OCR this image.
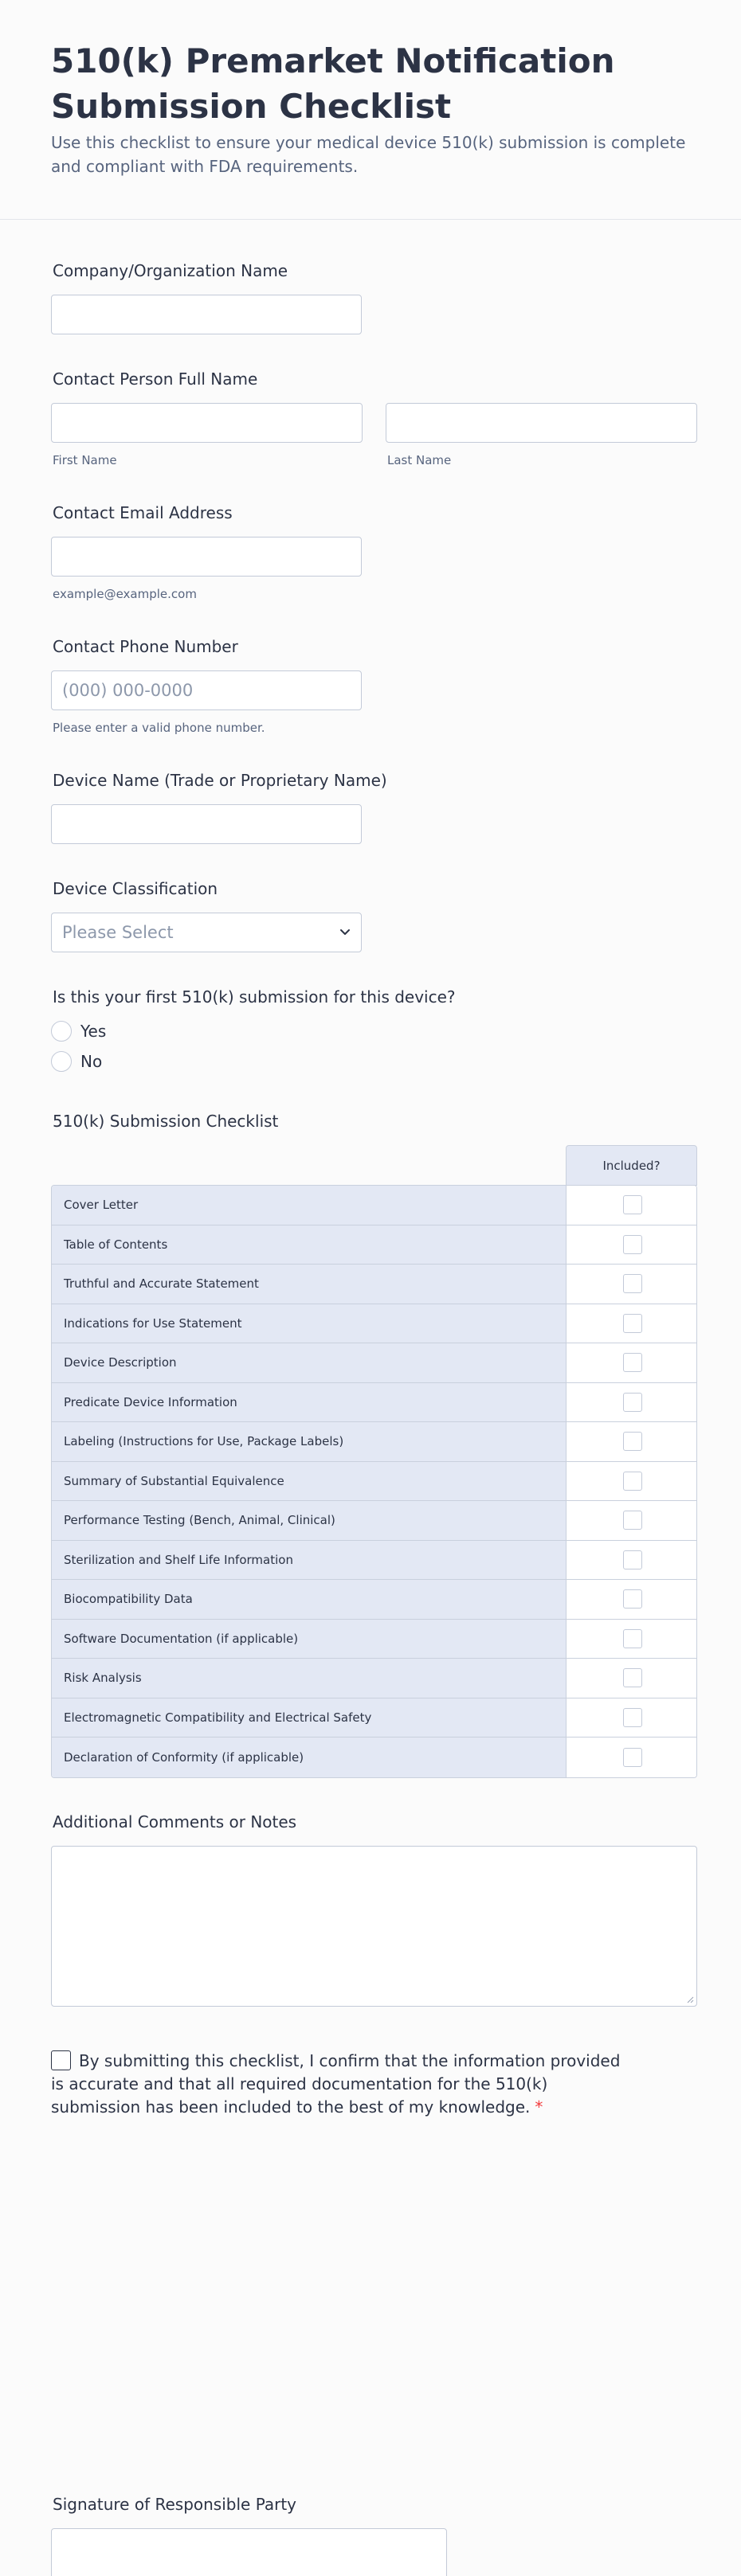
510(k) Premarket Notification Submission Checklist

Use this checklist to ensure your medical device 510(k) submission is complete and compliant with FDA requirements.

Company/Organization Name
Contact Person Full Name
First Name	Last Name
Contact Email Address
example@example.com
Contact Phone Number
(000) 000-0000
Please enter a valid phone number.
Device Name (Trade or Proprietary Name)
Device Classification
Please Select
Is this your first 510(k) submission for this device?
Yes
No
510(k) Submission Checklist
Included?
Cover Letter
Table of Contents
Truthful and Accurate Statement
Indications for Use Statement
Device Description
Predicate Device Information
Labeling (Instructions for Use, Package Labels)
Summary of Substantial Equivalence
Performance Testing (Bench, Animal, Clinical)
Sterilization and Shelf Life Information
Biocompatibility Data
Software Documentation (if applicable)
Risk Analysis
Electromagnetic Compatibility and Electrical Safety
Declaration of Conformity (if applicable)
Additional Comments or Notes
By submitting this checklist, I confirm that the information provided is accurate and that all required documentation for the 510(k) submission has been included to the best of my knowledge. *
Signature of Responsible Party
